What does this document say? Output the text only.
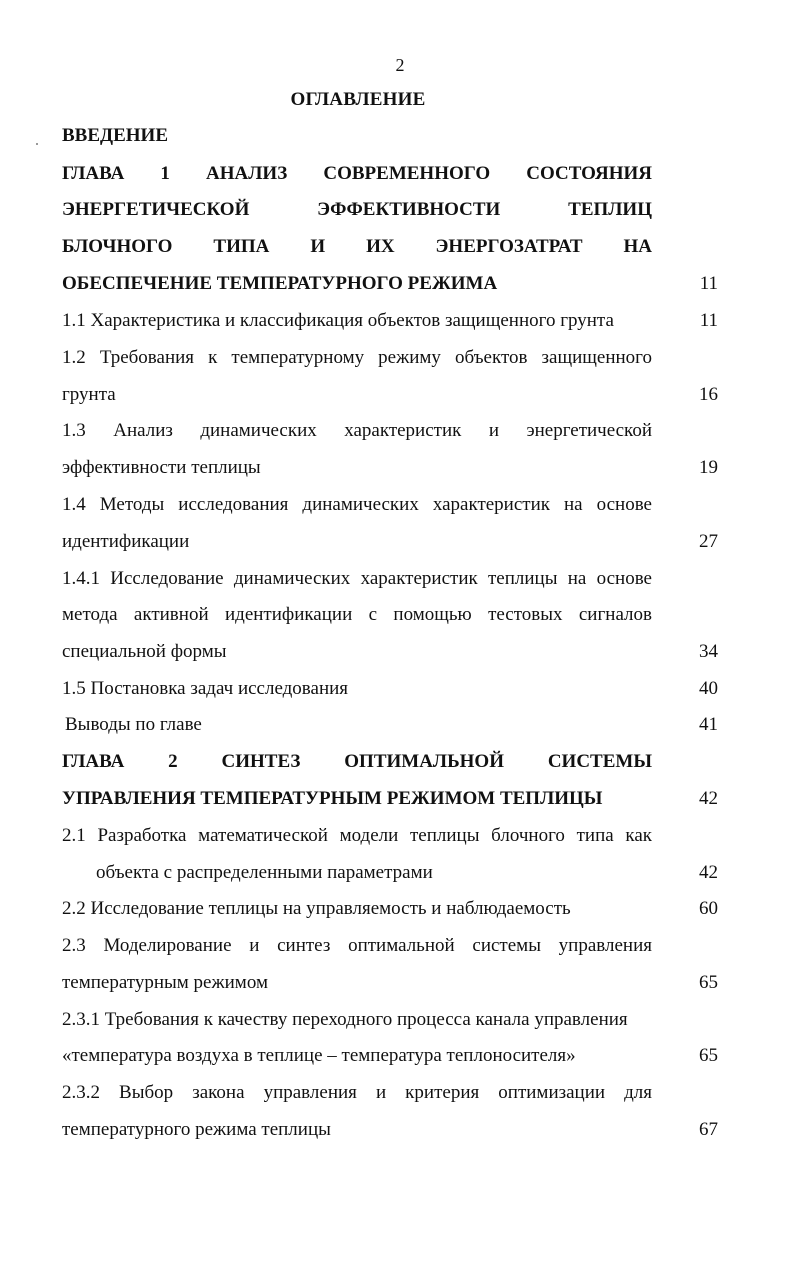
2
ОГЛАВЛЕНИЕ
ВВЕДЕНИЕ
ГЛАВА 1 АНАЛИЗ СОВРЕМЕННОГО СОСТОЯНИЯ
ЭНЕРГЕТИЧЕСКОЙ ЭФФЕКТИВНОСТИ ТЕПЛИЦ
БЛОЧНОГО ТИПА И ИХ ЭНЕРГОЗАТРАТ НА
ОБЕСПЕЧЕНИЕ ТЕМПЕРАТУРНОГО РЕЖИМА	11
1.1 Характеристика и классификация объектов защищенного грунта	11
1.2 Требования к температурному режиму объектов защищенного
грунта	16
1.3 Анализ динамических характеристик и энергетической
эффективности теплицы	19
1.4 Методы исследования динамических характеристик на основе
идентификации	27
1.4.1 Исследование динамических характеристик теплицы на основе
метода активной идентификации с помощью тестовых сигналов
специальной формы	34
1.5 Постановка задач исследования	40
Выводы по главе	41
ГЛАВА 2 СИНТЕЗ ОПТИМАЛЬНОЙ СИСТЕМЫ
УПРАВЛЕНИЯ ТЕМПЕРАТУРНЫМ РЕЖИМОМ ТЕПЛИЦЫ	42
2.1 Разработка математической модели теплицы блочного типа как
объекта с распределенными параметрами	42
2.2 Исследование теплицы на управляемость и наблюдаемость	60
2.3 Моделирование и синтез оптимальной системы управления
температурным режимом	65
2.3.1 Требования к качеству переходного процесса канала управления
«температура воздуха в теплице – температура теплоносителя»	65
2.3.2 Выбор закона управления и критерия оптимизации для
температурного режима теплицы	67
